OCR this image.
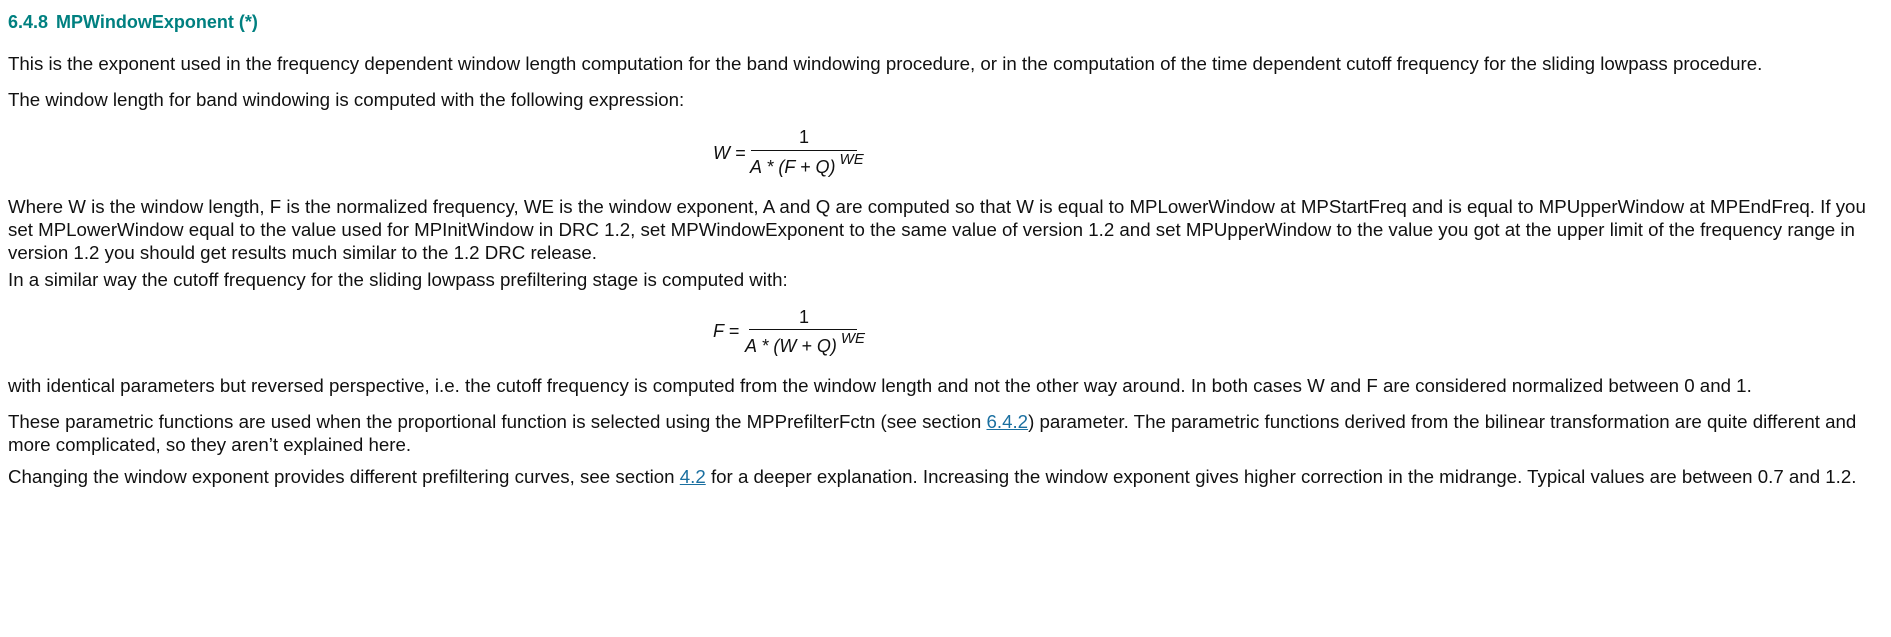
6.4.8 MPWindowExponent (*)

This is the exponent used in the frequency dependent window length computation for the band windowing procedure, or in the computation of the time dependent cutoff frequency for the sliding lowpass procedure.

The window length for band windowing is computed with the following expression:

W =
1
A * (F + Q) $^{WE}$

Where W is the window length, F is the normalized frequency, WE is the window exponent, A and Q are computed so that W is equal to MPLowerWindow at MPStartFreq and is equal to MPUpperWindow at MPEndFreq. If you set MPLowerWindow equal to the value used for MPInitWindow in DRC 1.2, set MPWindowExponent to the same value of version 1.2 and set MPUpperWindow to the value you got at the upper limit of the frequency range in version 1.2 you should get results much similar to the 1.2 DRC release.

In a similar way the cutoff frequency for the sliding lowpass prefiltering stage is computed with:

F =
1
A * (W + Q) $^{WE}$

with identical parameters but reversed perspective, i.e. the cutoff frequency is computed from the window length and not the other way around. In both cases W and F are considered normalized between 0 and 1.

These parametric functions are used when the proportional function is selected using the MPPrefilterFctn (see section 6.4.2) parameter. The parametric functions derived from the bilinear transformation are quite different and more complicated, so they aren’t explained here.

Changing the window exponent provides different prefiltering curves, see section 4.2 for a deeper explanation. Increasing the window exponent gives higher correction in the midrange. Typical values are between 0.7 and 1.2.
